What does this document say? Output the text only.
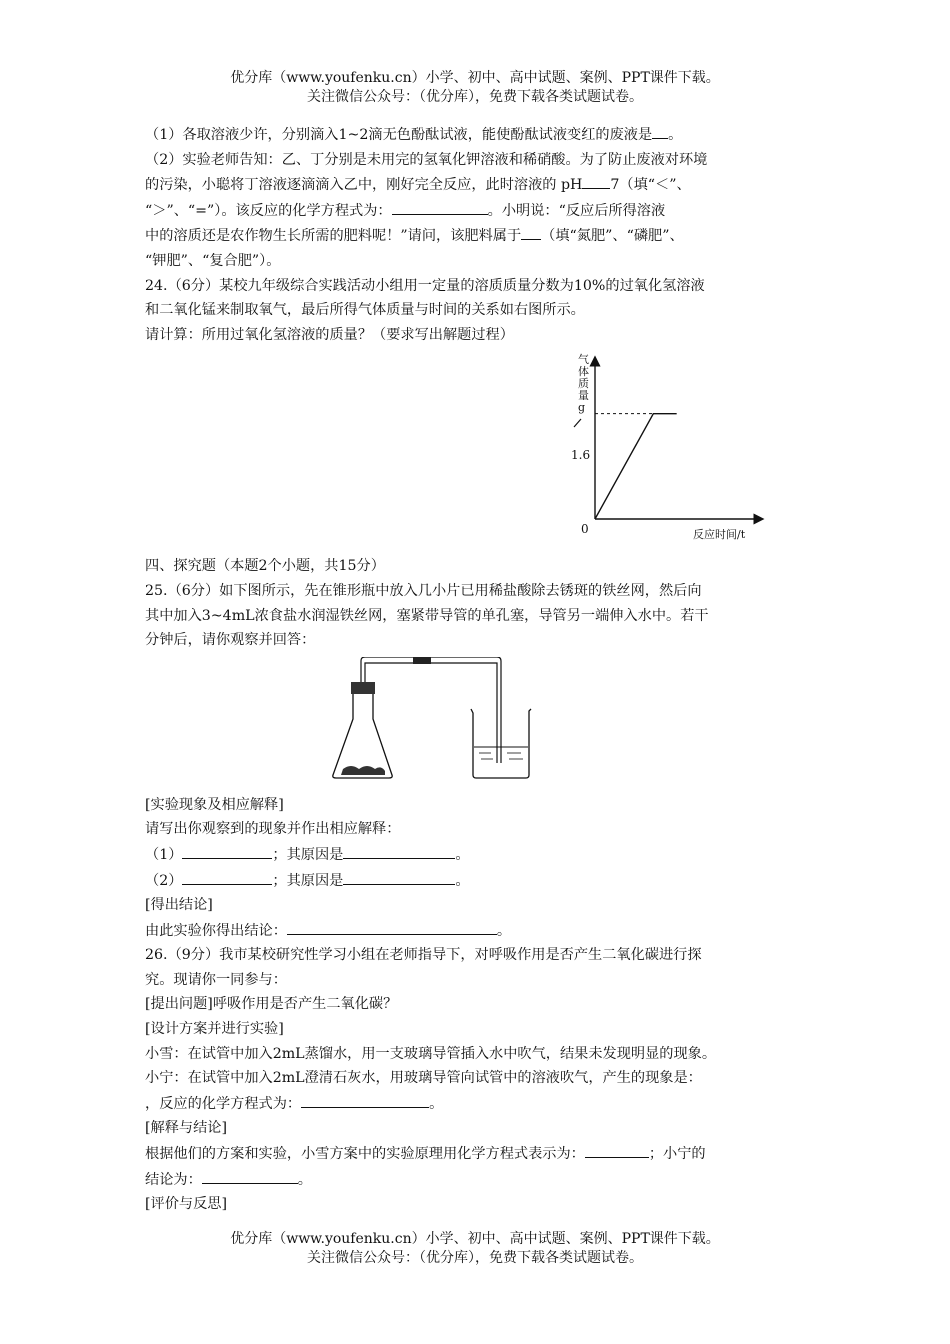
优分库（www.youfenku.cn）小学、初中、高中试题、案例、PPT课件下载。
关注微信公众号：（优分库），免费下载各类试题试卷。

（1）各取溶液少许，分别滴入1~2滴无色酚酞试液，能使酚酞试液变红的废液是 。

（2）实验老师告知：乙、丁分别是未用完的氢氧化钾溶液和稀硝酸。为了防止废液对环境

的污染，小聪将丁溶液逐滴滴入乙中，刚好完全反应，此时溶液的 pH 7（填“＜”、

“＞”、“=”）。该反应的化学方程式为：	。小明说：“反应后所得溶液

中的溶质还是农作物生长所需的肥料呢！”请问，该肥料属于 （填“氮肥”、“磷肥”、

“钾肥”、“复合肥”）。

24.（6分）某校九年级综合实践活动小组用一定量的溶质质量分数为10%的过氧化氢溶液

和二氧化锰来制取氧气，最后所得气体质量与时间的关系如右图所示。

请计算：所用过氧化氢溶液的质量？（要求写出解题过程）

气体质量 g
1.6
0	反应时间/t

四、探究题（本题2个小题，共15分）

25.（6分）如下图所示，先在锥形瓶中放入几小片已用稀盐酸除去锈斑的铁丝网，然后向

其中加入3~4mL浓食盐水润湿铁丝网，塞紧带导管的单孔塞，导管另一端伸入水中。若干

分钟后，请你观察并回答：

[实验现象及相应解释]

请写出你观察到的现象并作出相应解释：

（1）	；其原因是	。

（2）	；其原因是	。

[得出结论]

由此实验你得出结论：	。

26.（9分）我市某校研究性学习小组在老师指导下，对呼吸作用是否产生二氧化碳进行探

究。现请你一同参与：

[提出问题]呼吸作用是否产生二氧化碳？

[设计方案并进行实验]

小雪：在试管中加入2mL蒸馏水，用一支玻璃导管插入水中吹气，结果未发现明显的现象。

小宁：在试管中加入2mL澄清石灰水，用玻璃导管向试管中的溶液吹气，产生的现象是：

，反应的化学方程式为：	。

[解释与结论]

根据他们的方案和实验，小雪方案中的实验原理用化学方程式表示为：	；小宁的

结论为：	。

[评价与反思]

优分库（www.youfenku.cn）小学、初中、高中试题、案例、PPT课件下载。
关注微信公众号：（优分库），免费下载各类试题试卷。
